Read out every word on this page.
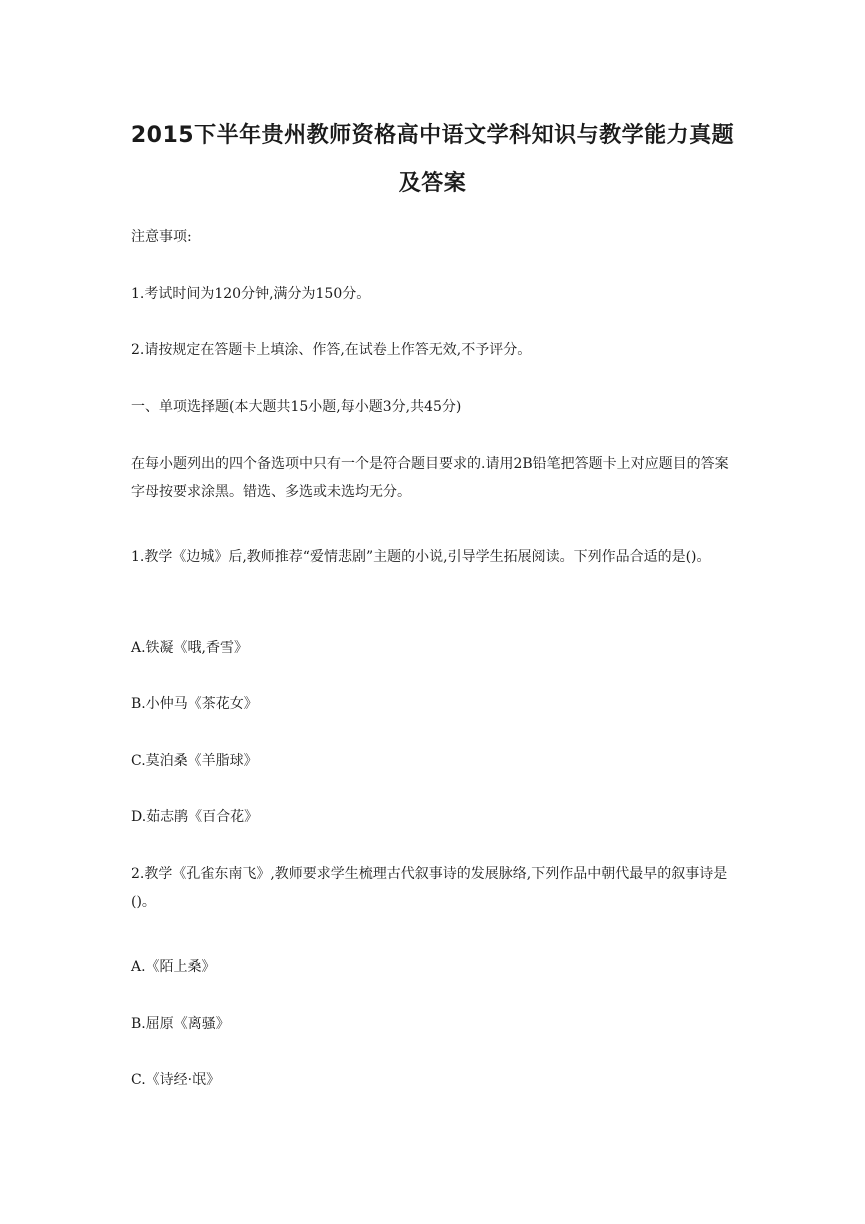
2015下半年贵州教师资格高中语文学科知识与教学能力真题及答案

注意事项:

1.考试时间为120分钟,满分为150分。

2.请按规定在答题卡上填涂、作答,在试卷上作答无效,不予评分。

一、单项选择题(本大题共15小题,每小题3分,共45分)

在每小题列出的四个备选项中只有一个是符合题目要求的.请用2B铅笔把答题卡上对应题目的答案字母按要求涂黑。错选、多选或未选均无分。

1.教学《边城》后,教师推荐“爱情悲剧”主题的小说,引导学生拓展阅读。下列作品合适的是()。

A.铁凝《哦,香雪》

B.小仲马《茶花女》

C.莫泊桑《羊脂球》

D.茹志鹃《百合花》

2.教学《孔雀东南飞》,教师要求学生梳理古代叙事诗的发展脉络,下列作品中朝代最早的叙事诗是()。

A.《陌上桑》

B.屈原《离骚》

C.《诗经·氓》
